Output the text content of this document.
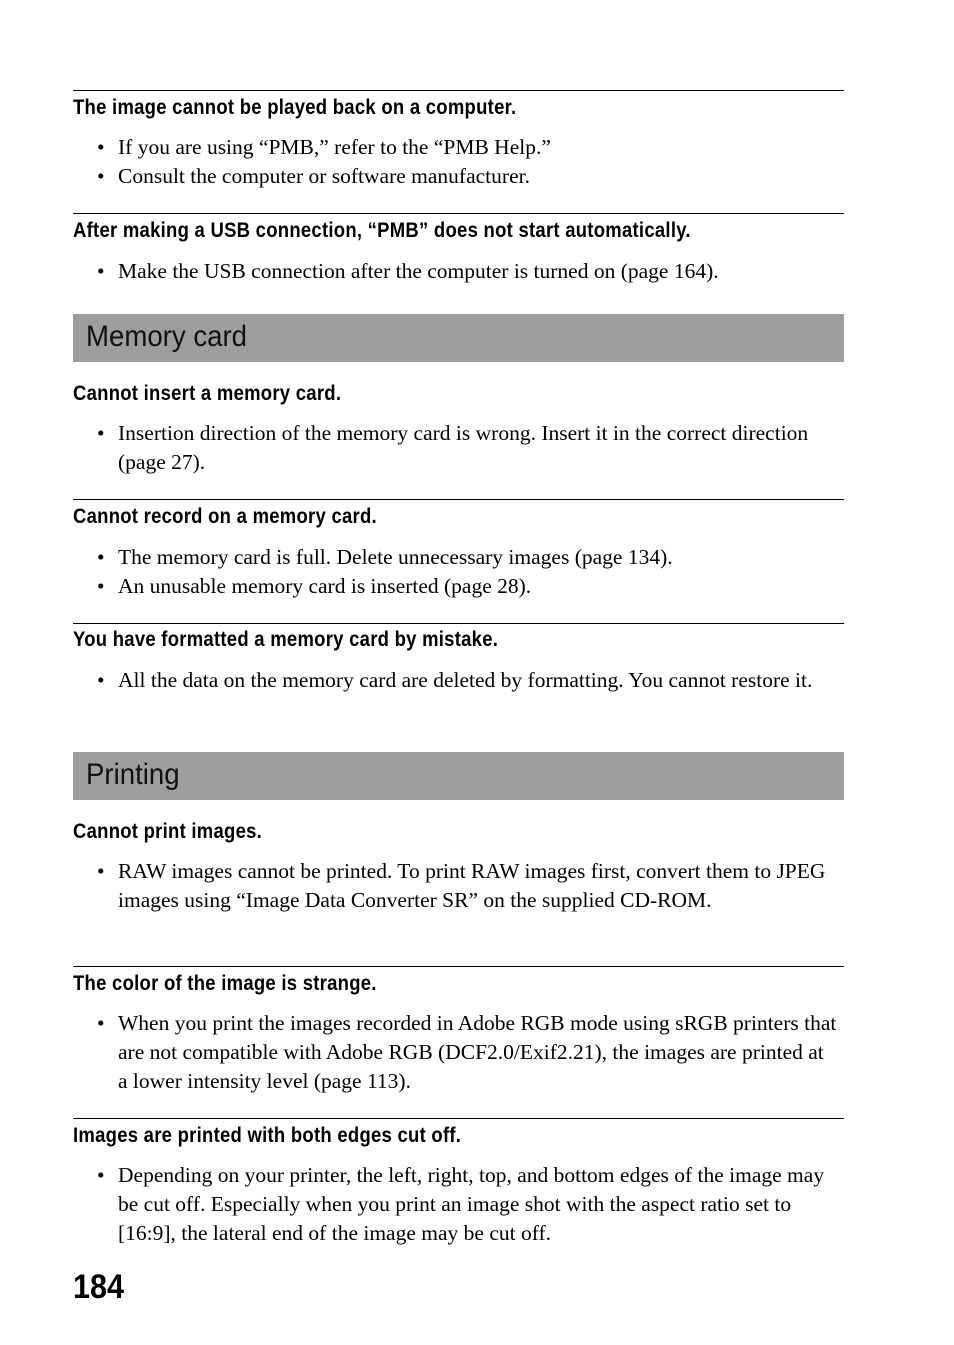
The image cannot be played back on a computer.
• If you are using “PMB,” refer to the “PMB Help.”
• Consult the computer or software manufacturer.
After making a USB connection, “PMB” does not start automatically.
• Make the USB connection after the computer is turned on (page 164).
Memory card
Cannot insert a memory card.
• Insertion direction of the memory card is wrong. Insert it in the correct direction (page 27).
Cannot record on a memory card.
• The memory card is full. Delete unnecessary images (page 134).
• An unusable memory card is inserted (page 28).
You have formatted a memory card by mistake.
• All the data on the memory card are deleted by formatting. You cannot restore it.
Printing
Cannot print images.
• RAW images cannot be printed. To print RAW images first, convert them to JPEG images using “Image Data Converter SR” on the supplied CD-ROM.
The color of the image is strange.
• When you print the images recorded in Adobe RGB mode using sRGB printers that are not compatible with Adobe RGB (DCF2.0/Exif2.21), the images are printed at a lower intensity level (page 113).
Images are printed with both edges cut off.
• Depending on your printer, the left, right, top, and bottom edges of the image may be cut off. Especially when you print an image shot with the aspect ratio set to [16:9], the lateral end of the image may be cut off.
184
